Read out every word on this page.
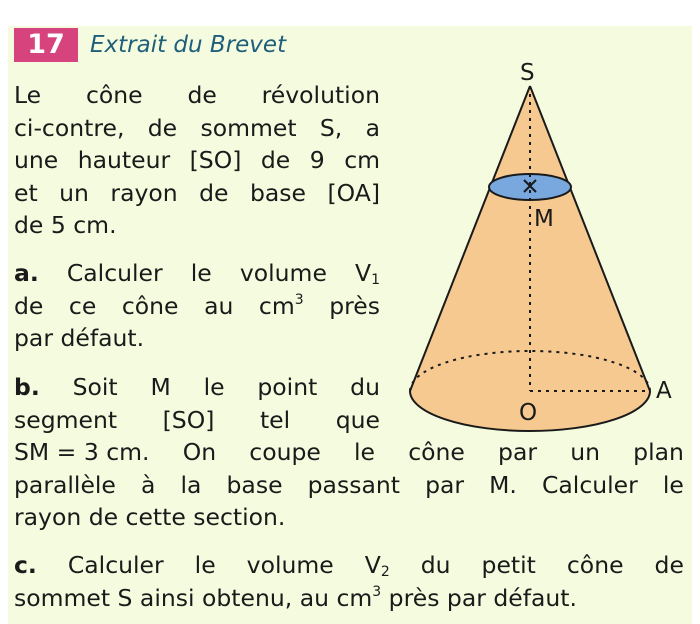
17	Extrait du Brevet
Le cône de révolution
ci-contre, de sommet S, a
une hauteur [SO] de 9 cm
et un rayon de base [OA]
de 5 cm.
a. Calculer le volume $V_1$
de ce cône au $cm^3$ près
par défaut.
b. Soit M le point du
segment [SO] tel que
SM = 3 cm. On coupe le cône par un plan
parallèle à la base passant par M. Calculer le
rayon de cette section.
c. Calculer le volume $V_2$ du petit cône de
sommet S ainsi obtenu, au $cm^3$ près par défaut.
S
M
O
A
